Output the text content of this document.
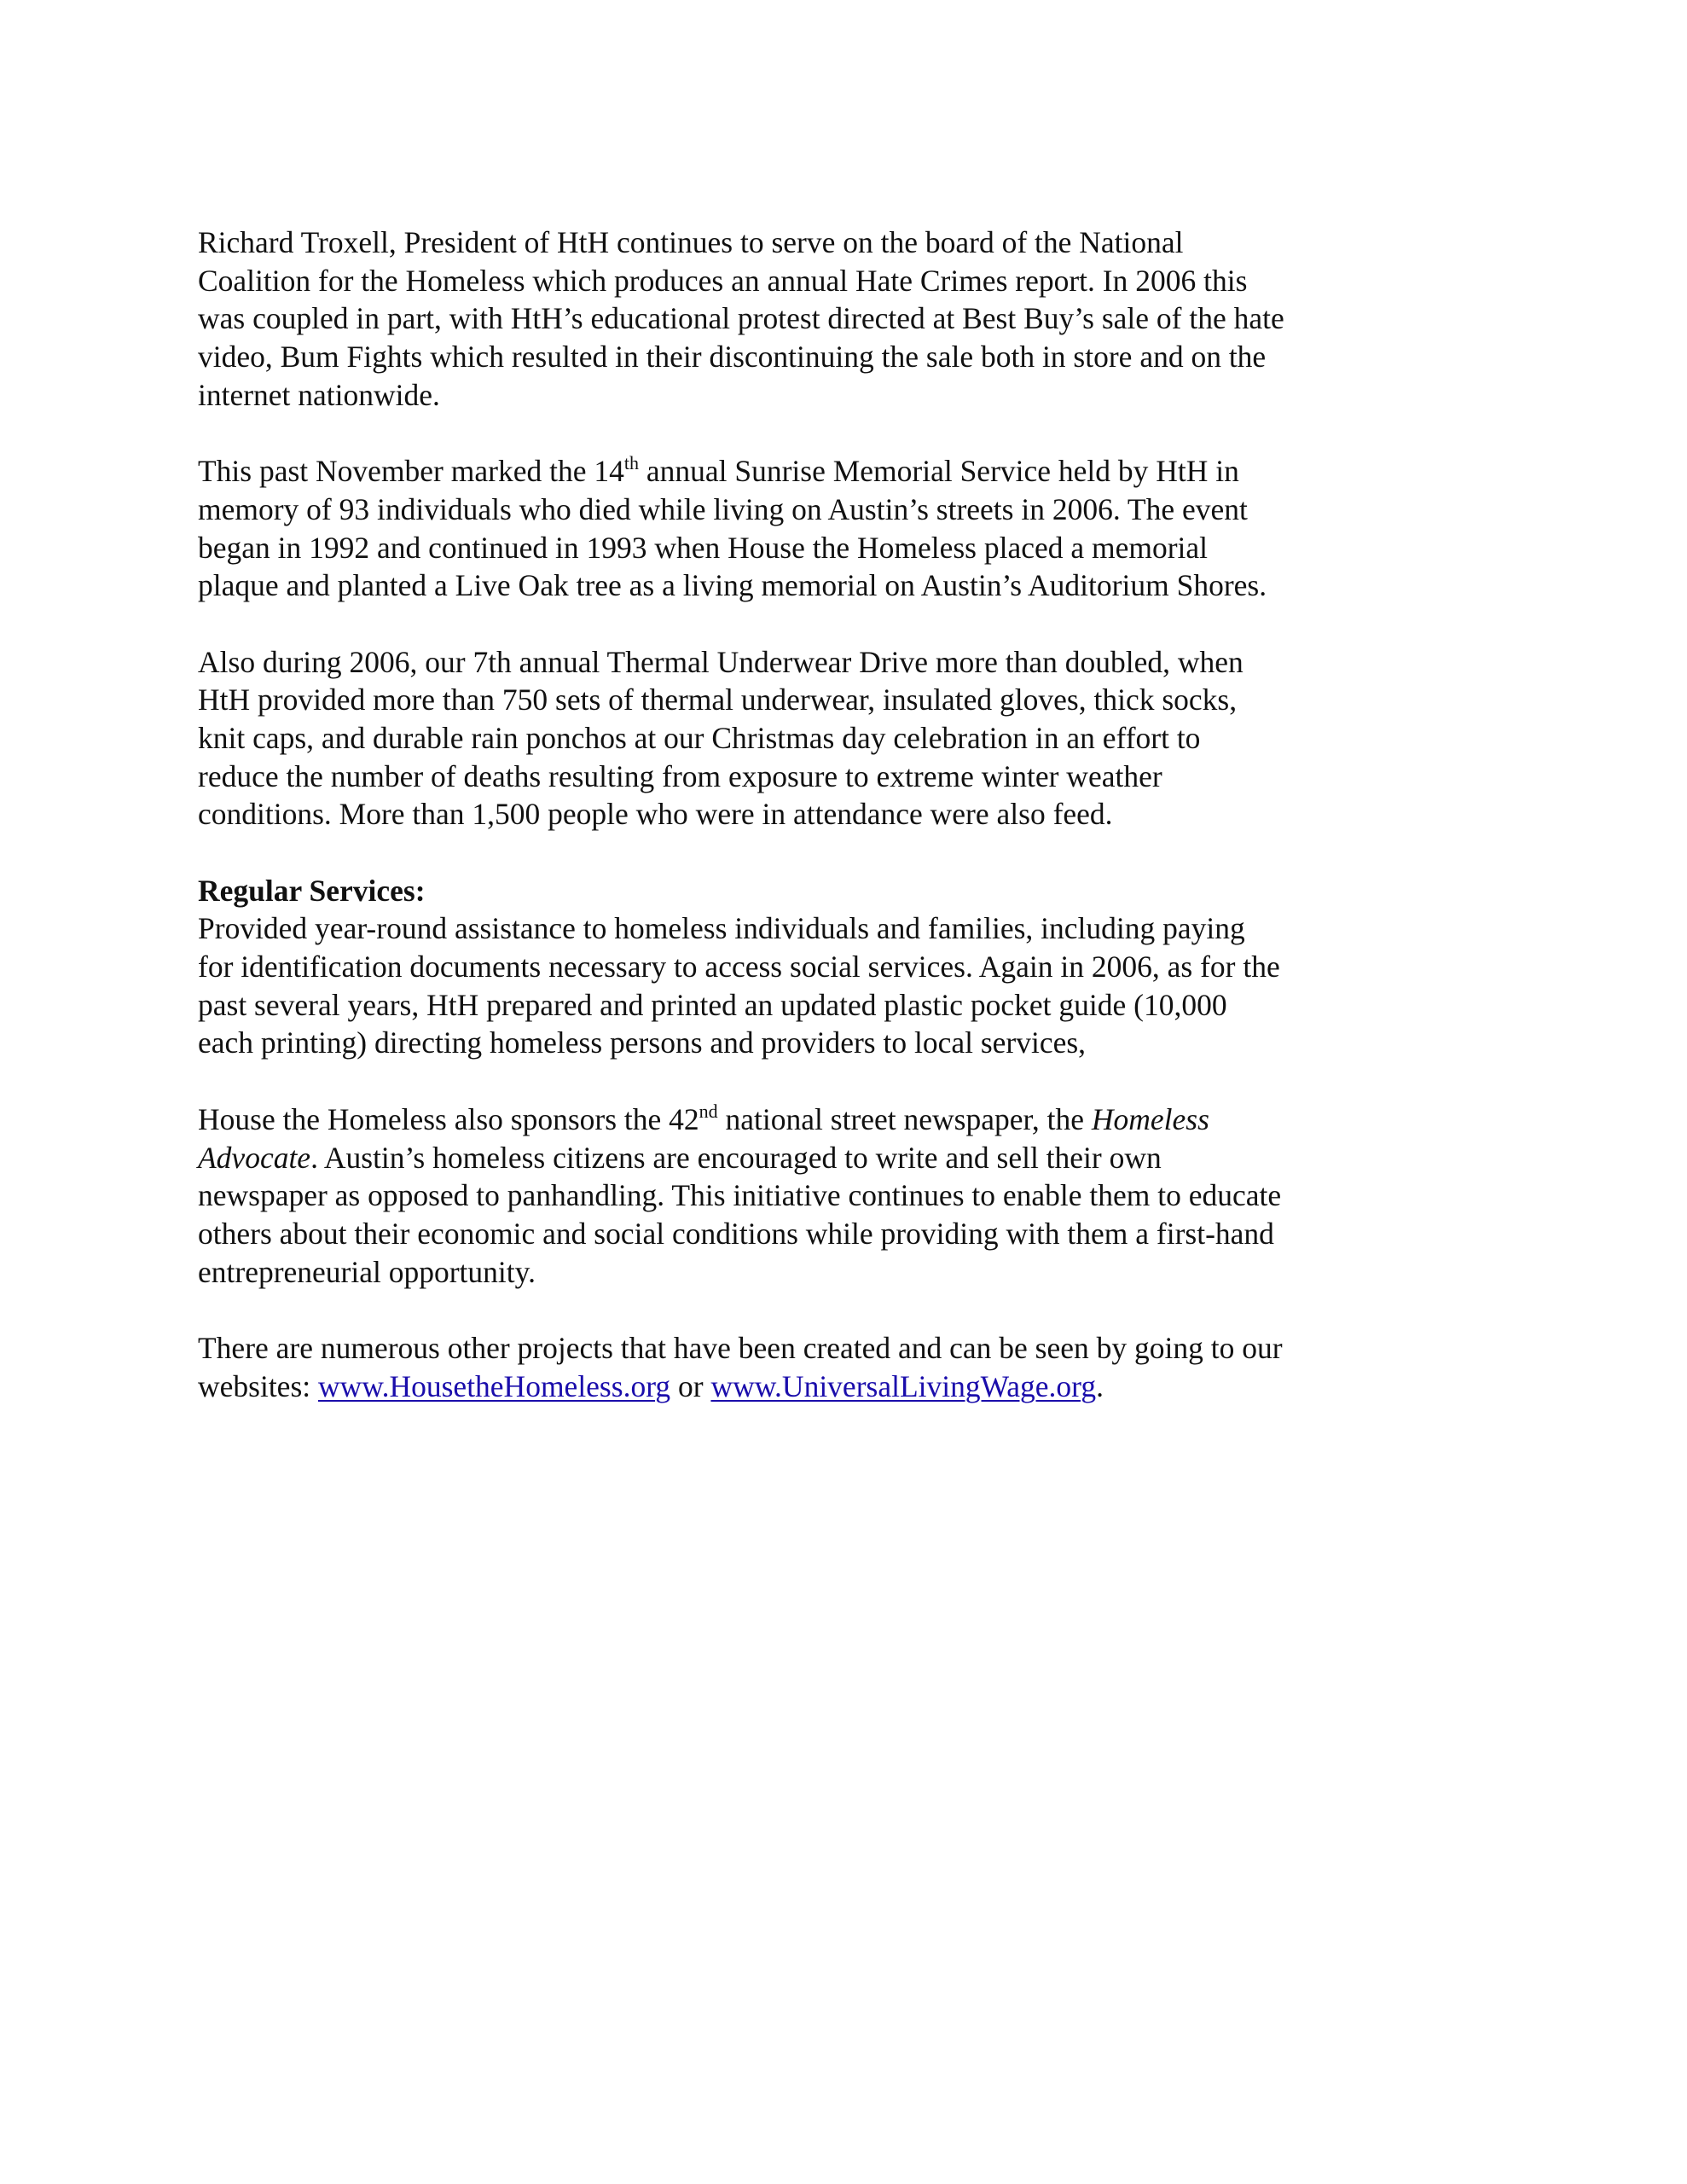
Richard Troxell, President of HtH continues to serve on the board of the National
Coalition for the Homeless which produces an annual Hate Crimes report. In 2006 this
was coupled in part, with HtH’s educational protest directed at Best Buy’s sale of the hate
video, Bum Fights which resulted in their discontinuing the sale both in store and on the
internet nationwide.

This past November marked the 14th annual Sunrise Memorial Service held by HtH in
memory of 93 individuals who died while living on Austin’s streets in 2006. The event
began in 1992 and continued in 1993 when House the Homeless placed a memorial
plaque and planted a Live Oak tree as a living memorial on Austin’s Auditorium Shores.

Also during 2006, our 7th annual Thermal Underwear Drive more than doubled, when
HtH provided more than 750 sets of thermal underwear, insulated gloves, thick socks,
knit caps, and durable rain ponchos at our Christmas day celebration in an effort to
reduce the number of deaths resulting from exposure to extreme winter weather
conditions. More than 1,500 people who were in attendance were also feed.

Regular Services:
Provided year-round assistance to homeless individuals and families, including paying
for identification documents necessary to access social services. Again in 2006, as for the
past several years, HtH prepared and printed an updated plastic pocket guide (10,000
each printing) directing homeless persons and providers to local services,

House the Homeless also sponsors the 42nd national street newspaper, the Homeless
Advocate. Austin’s homeless citizens are encouraged to write and sell their own
newspaper as opposed to panhandling. This initiative continues to enable them to educate
others about their economic and social conditions while providing with them a first-hand
entrepreneurial opportunity.

There are numerous other projects that have been created and can be seen by going to our
websites: www.HousetheHomeless.org or www.UniversalLivingWage.org.
